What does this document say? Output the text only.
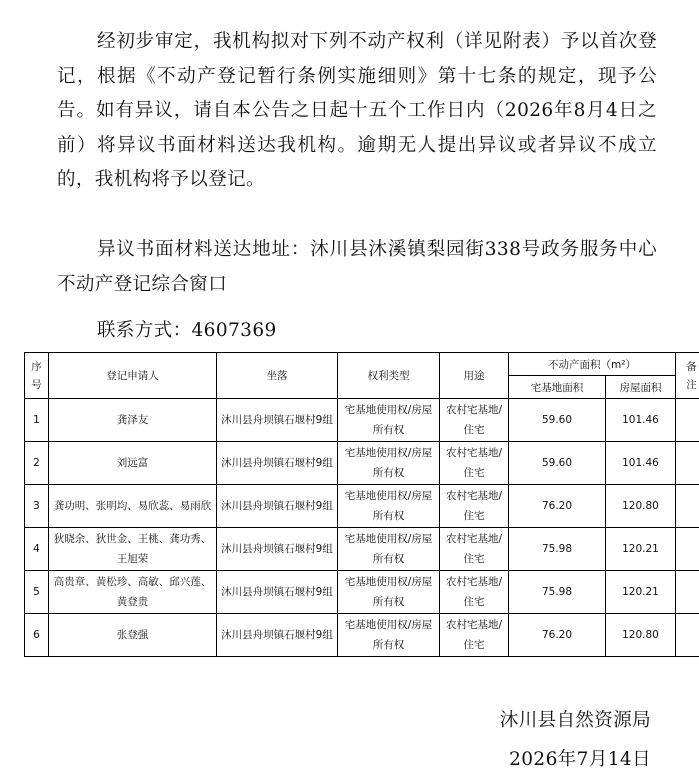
经初步审定，我机构拟对下列不动产权利（详见附表）予以首次登记，根据《不动产登记暂行条例实施细则》第十七条的规定，现予公告。如有异议，请自本公告之日起十五个工作日内（2026年8月4日之前）将异议书面材料送达我机构。逾期无人提出异议或者异议不成立的，我机构将予以登记。

异议书面材料送达地址：沐川县沐溪镇梨园街338号政务服务中心不动产登记综合窗口

联系方式：4607369

序号	登记申请人	坐落	权利类型	用途	不动产面积（m²）		备注
					宅基地面积	房屋面积	
1	龚泽友	沐川县舟坝镇石堰村9组	宅基地使用权/房屋所有权	农村宅基地/住宅	59.60	101.46	
2	刘远富	沐川县舟坝镇石堰村9组	宅基地使用权/房屋所有权	农村宅基地/住宅	59.60	101.46	
3	龚功明、张明均、易欣蕊、易雨欣	沐川县舟坝镇石堰村9组	宅基地使用权/房屋所有权	农村宅基地/住宅	76.20	120.80	
4	狄晓余、狄世金、王桃、龚功秀、王旭荣	沐川县舟坝镇石堰村9组	宅基地使用权/房屋所有权	农村宅基地/住宅	75.98	120.21	
5	高贵章、黄松珍、高敏、邱兴莲、黄登贵	沐川县舟坝镇石堰村9组	宅基地使用权/房屋所有权	农村宅基地/住宅	75.98	120.21	
6	张登强	沐川县舟坝镇石堰村9组	宅基地使用权/房屋所有权	农村宅基地/住宅	76.20	120.80	
沐川县自然资源局
2026年7月14日
